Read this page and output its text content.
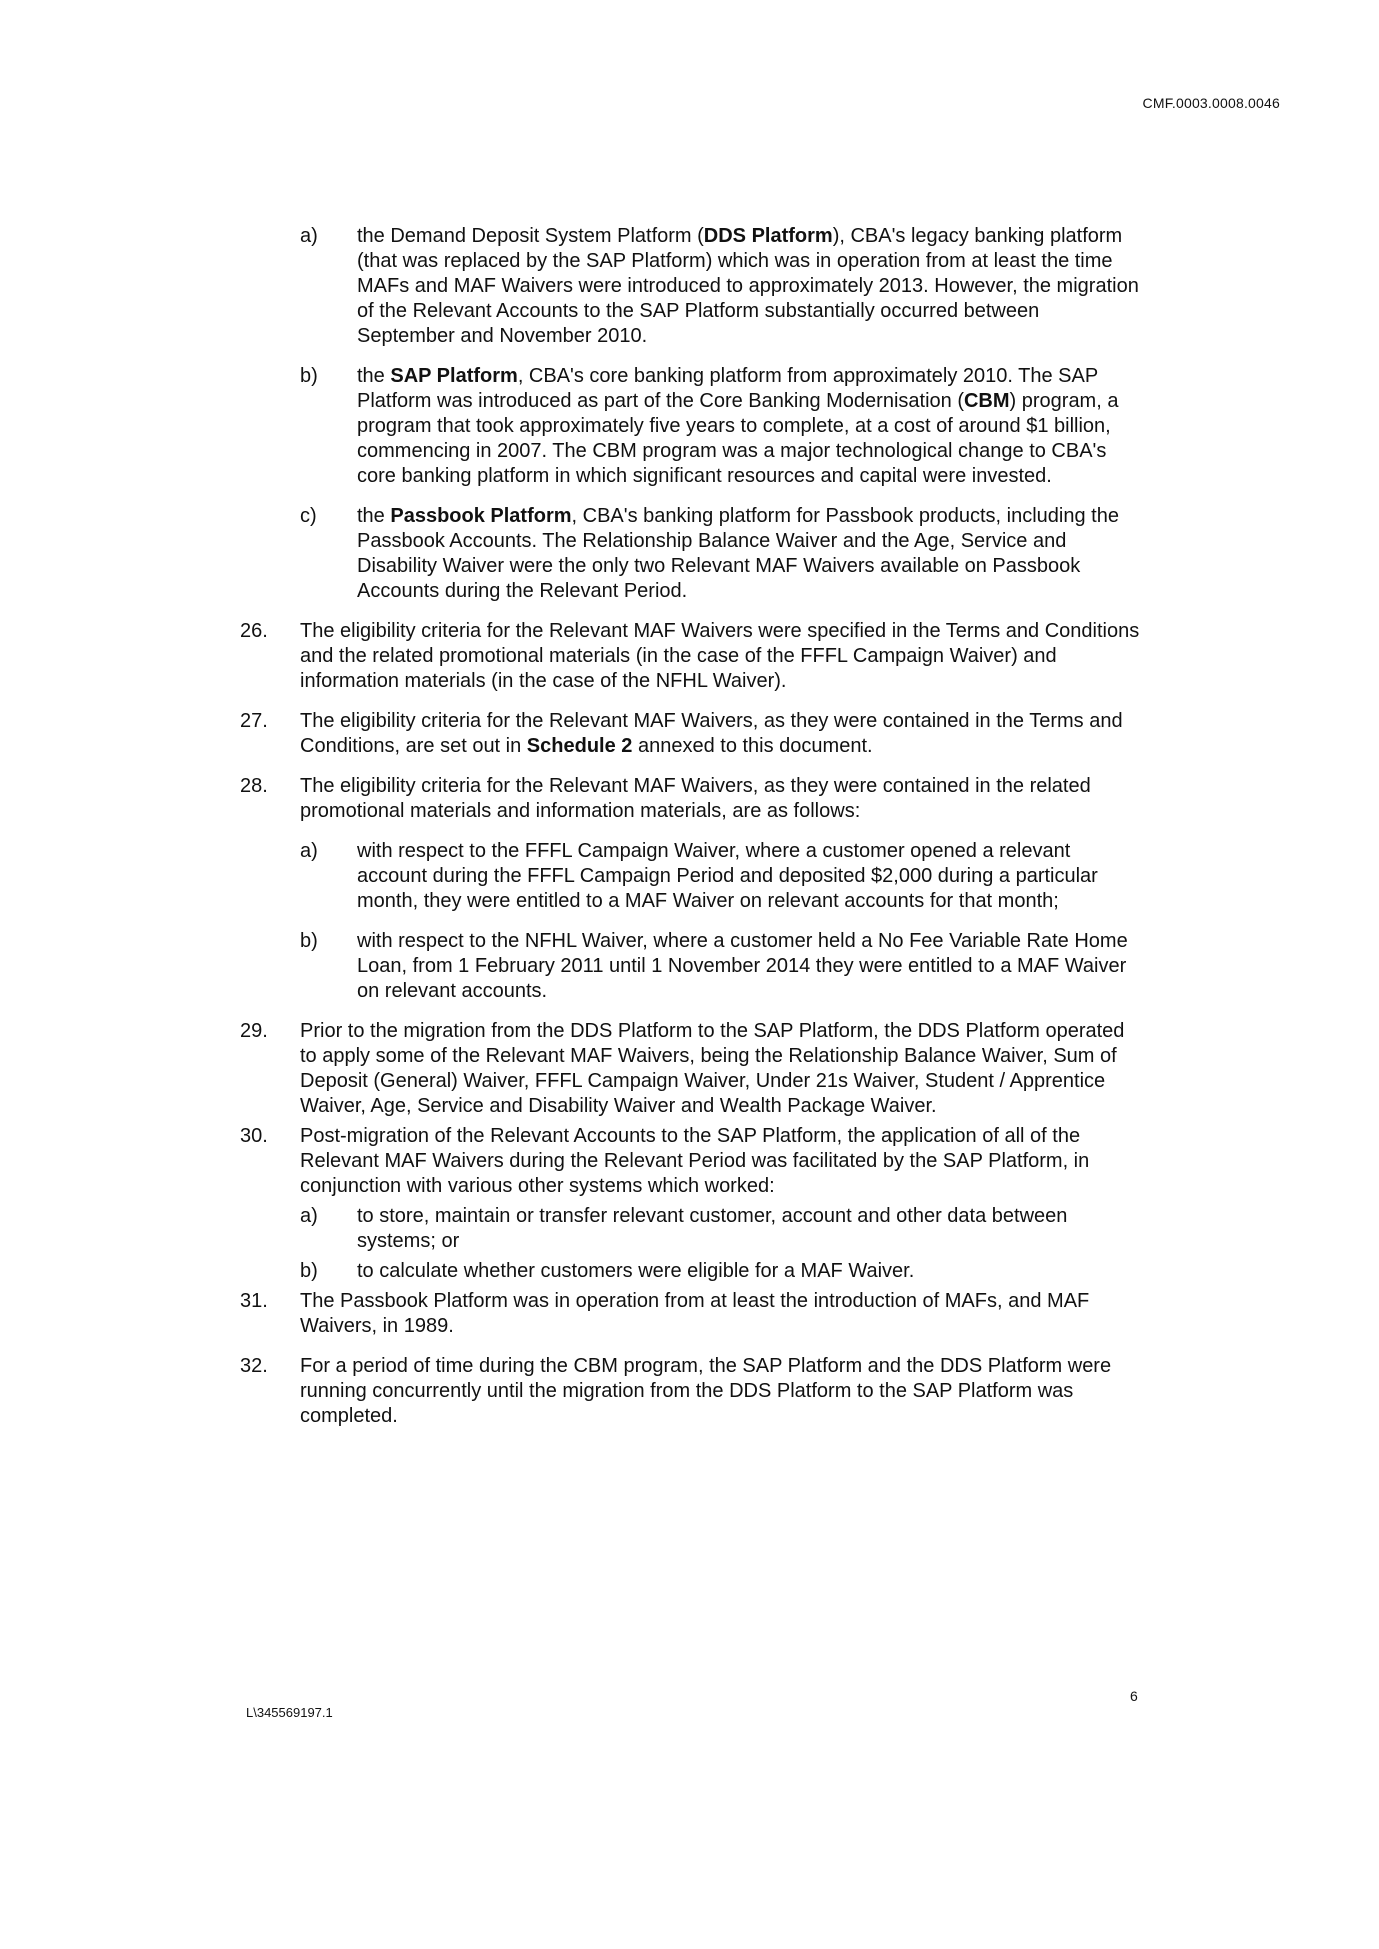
CMF.0003.0008.0046
a) the Demand Deposit System Platform (DDS Platform), CBA's legacy banking platform (that was replaced by the SAP Platform) which was in operation from at least the time MAFs and MAF Waivers were introduced to approximately 2013. However, the migration of the Relevant Accounts to the SAP Platform substantially occurred between September and November 2010.
b) the SAP Platform, CBA's core banking platform from approximately 2010. The SAP Platform was introduced as part of the Core Banking Modernisation (CBM) program, a program that took approximately five years to complete, at a cost of around $1 billion, commencing in 2007. The CBM program was a major technological change to CBA's core banking platform in which significant resources and capital were invested.
c) the Passbook Platform, CBA's banking platform for Passbook products, including the Passbook Accounts. The Relationship Balance Waiver and the Age, Service and Disability Waiver were the only two Relevant MAF Waivers available on Passbook Accounts during the Relevant Period.
26. The eligibility criteria for the Relevant MAF Waivers were specified in the Terms and Conditions and the related promotional materials (in the case of the FFFL Campaign Waiver) and information materials (in the case of the NFHL Waiver).
27. The eligibility criteria for the Relevant MAF Waivers, as they were contained in the Terms and Conditions, are set out in Schedule 2 annexed to this document.
28. The eligibility criteria for the Relevant MAF Waivers, as they were contained in the related promotional materials and information materials, are as follows:
a) with respect to the FFFL Campaign Waiver, where a customer opened a relevant account during the FFFL Campaign Period and deposited $2,000 during a particular month, they were entitled to a MAF Waiver on relevant accounts for that month;
b) with respect to the NFHL Waiver, where a customer held a No Fee Variable Rate Home Loan, from 1 February 2011 until 1 November 2014 they were entitled to a MAF Waiver on relevant accounts.
29. Prior to the migration from the DDS Platform to the SAP Platform, the DDS Platform operated to apply some of the Relevant MAF Waivers, being the Relationship Balance Waiver, Sum of Deposit (General) Waiver, FFFL Campaign Waiver, Under 21s Waiver, Student / Apprentice Waiver, Age, Service and Disability Waiver and Wealth Package Waiver.
30. Post-migration of the Relevant Accounts to the SAP Platform, the application of all of the Relevant MAF Waivers during the Relevant Period was facilitated by the SAP Platform, in conjunction with various other systems which worked:
a) to store, maintain or transfer relevant customer, account and other data between systems; or
b) to calculate whether customers were eligible for a MAF Waiver.
31. The Passbook Platform was in operation from at least the introduction of MAFs, and MAF Waivers, in 1989.
32. For a period of time during the CBM program, the SAP Platform and the DDS Platform were running concurrently until the migration from the DDS Platform to the SAP Platform was completed.
6
L\345569197.1
